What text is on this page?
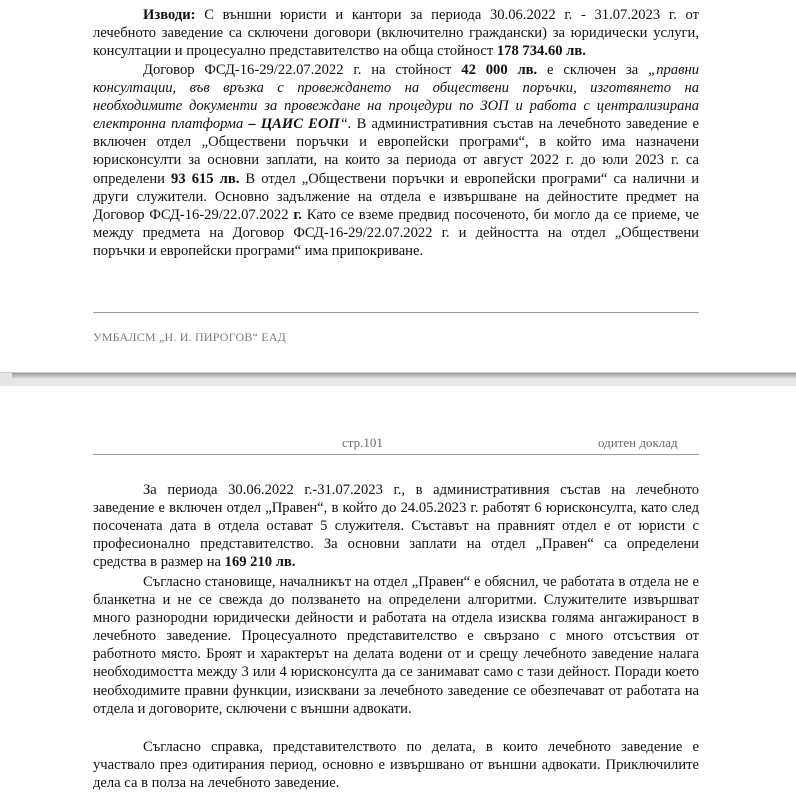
Изводи: С външни юристи и кантори за периода 30.06.2022 г. - 31.07.2023 г. от лечебното заведение са сключени договори (включително граждански) за юридически услуги, консултации и процесуално представителство на обща стойност 178 734.60 лв.

Договор ФСД-16-29/22.07.2022 г. на стойност 42 000 лв. е сключен за „правни консултации, във връзка с провеждането на обществени поръчки, изготвянето на необходимите документи за провеждане на процедури по ЗОП и работа с централизирана електронна платформа – ЦАИС ЕОП“. В административния състав на лечебното заведение е включен отдел „Обществени поръчки и европейски програми“, в който има назначени юрисконсулти за основни заплати, на които за периода от август 2022 г. до юли 2023 г. са определени 93 615 лв. В отдел „Обществени поръчки и европейски програми“ са налични и други служители. Основно задължение на отдела е извършване на дейностите предмет на Договор ФСД-16-29/22.07.2022 г. Като се вземе предвид посоченото, би могло да се приеме, че между предмета на Договор ФСД-16-29/22.07.2022 г. и дейността на отдел „Обществени поръчки и европейски програми“ има припокриване.

УМБАЛСМ „Н. И. ПИРОГОВ“ ЕАД
стр.101	одитен доклад

За периода 30.06.2022 г.-31.07.2023 г., в административния състав на лечебното заведение е включен отдел „Правен“, в който до 24.05.2023 г. работят 6 юрисконсулта, като след посочената дата в отдела остават 5 служителя. Съставът на правният отдел е от юристи с професионално представителство. За основни заплати на отдел „Правен“ са определени средства в размер на 169 210 лв.

Съгласно становище, началникът на отдел „Правен“ е обяснил, че работата в отдела не е бланкетна и не се свежда до ползването на определени алгоритми. Служителите извършват много разнородни юридически дейности и работата на отдела изисква голяма ангажираност в лечебното заведение. Процесуалното представителство е свързано с много отсъствия от работното място. Броят и характерът на делата водени от и срещу лечебното заведение налага необходимостта между 3 или 4 юрисконсулта да се занимават само с тази дейност. Поради което необходимите правни функции, изисквани за лечебното заведение се обезпечават от работата на отдела и договорите, сключени с външни адвокати.

Съгласно справка, представителството по делата, в които лечебното заведение е участвало през одитирания период, основно е извършвано от външни адвокати. Приключилите дела са в полза на лечебното заведение.
